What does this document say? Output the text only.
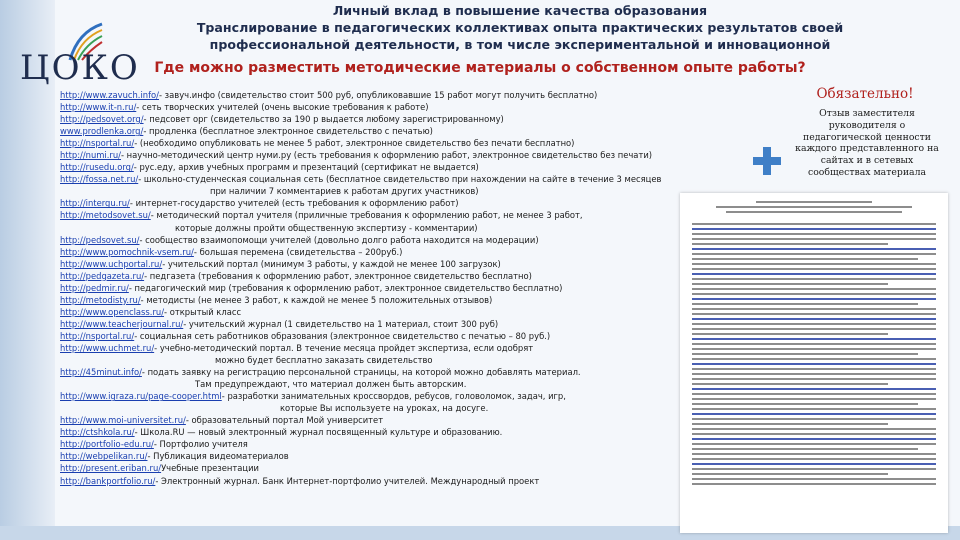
ЦОКО
Личный вклад в повышение качества образования
Транслирование в педагогических коллективах опыта практических результатов своей
профессиональной деятельности, в том числе экспериментальной и инновационной
Где можно разместить методические материалы о собственном опыте работы?
http://www.zavuch.info/- завуч.инфо (свидетельство стоит 500 руб, опубликовавшие 15 работ могут получить бесплатно)
http://www.it-n.ru/- сеть творческих учителей (очень высокие требования к работе)
http://pedsovet.org/- педсовет орг (свидетельство за 190 р выдается любому зарегистрированному)
www.prodlenka.org/- продленка (бесплатное электронное свидетельство с печатью)
http://nsportal.ru/- (необходимо опубликовать не менее 5 работ, электронное свидетельство без печати бесплатно)
http://numi.ru/- научно-методический центр нуми.ру (есть требования к оформлению работ, электронное свидетельство без печати)
http://rusedu.org/- рус.еду, архив учебных программ и презентаций (сертификат не выдается)
http://fossa.net.ru/- школьно-студенческая социальная сеть (бесплатное свидетельство при нахождении на сайте в течение 3 месяцев
при наличии 7 комментариев к работам других участников)
http://intergu.ru/- интернет-государство учителей (есть требования к оформлению работ)
http://metodsovet.su/- методический портал учителя (приличные требования к оформлению работ, не менее 3 работ,
которые должны пройти общественную экспертизу - комментарии)
http://pedsovet.su/- сообщество взаимопомощи учителей (довольно долго работа находится на модерации)
http://www.pomochnik-vsem.ru/- большая перемена (свидетельства – 200руб.)
http://www.uchportal.ru/- учительский портал (минимум 3 работы, у каждой не менее 100 загрузок)
http://pedgazeta.ru/- педгазета (требования к оформлению работ, электронное свидетельство бесплатно)
http://pedmir.ru/- педагогический мир (требования к оформлению работ, электронное свидетельство бесплатно)
http://metodisty.ru/- методисты (не менее 3 работ, к каждой не менее 5 положительных отзывов)
http://www.openclass.ru/- открытый класс
http://www.teacherjournal.ru/- учительский журнал (1 свидетельство на 1 материал, стоит 300 руб)
http://nsportal.ru/- социальная сеть работников образования (электронное свидетельство с печатью – 80 руб.)
http://www.uchmet.ru/- учебно-методический портал. В течение месяца пройдет экспертиза, если одобрят
можно будет бесплатно заказать свидетельство
http://45minut.info/- подать заявку на регистрацию персональной страницы, на которой можно добавлять материал.
Там предупреждают, что материал должен быть авторским.
http://www.igraza.ru/page-cooper.html- разработки занимательных кроссвордов, ребусов, головоломок, задач, игр,
которые Вы используете на уроках, на досуге.
http://www.moi-universitet.ru/- образовательный портал Мой университет
http://ctshkola.ru/- Школа.RU — новый электронный журнал посвященный культуре и образованию.
http://portfolio-edu.ru/- Портфолио учителя
http://webpelikan.ru/- Публикация видеоматериалов
http://present.eriban.ru/Учебные презентации
http://bankportfolio.ru/- Электронный журнал. Банк Интернет-портфолио учителей. Международный проект
Обязательно!
Отзыв заместителя руководителя о педагогической ценности каждого представленного на сайтах и в сетевых сообществах материала
